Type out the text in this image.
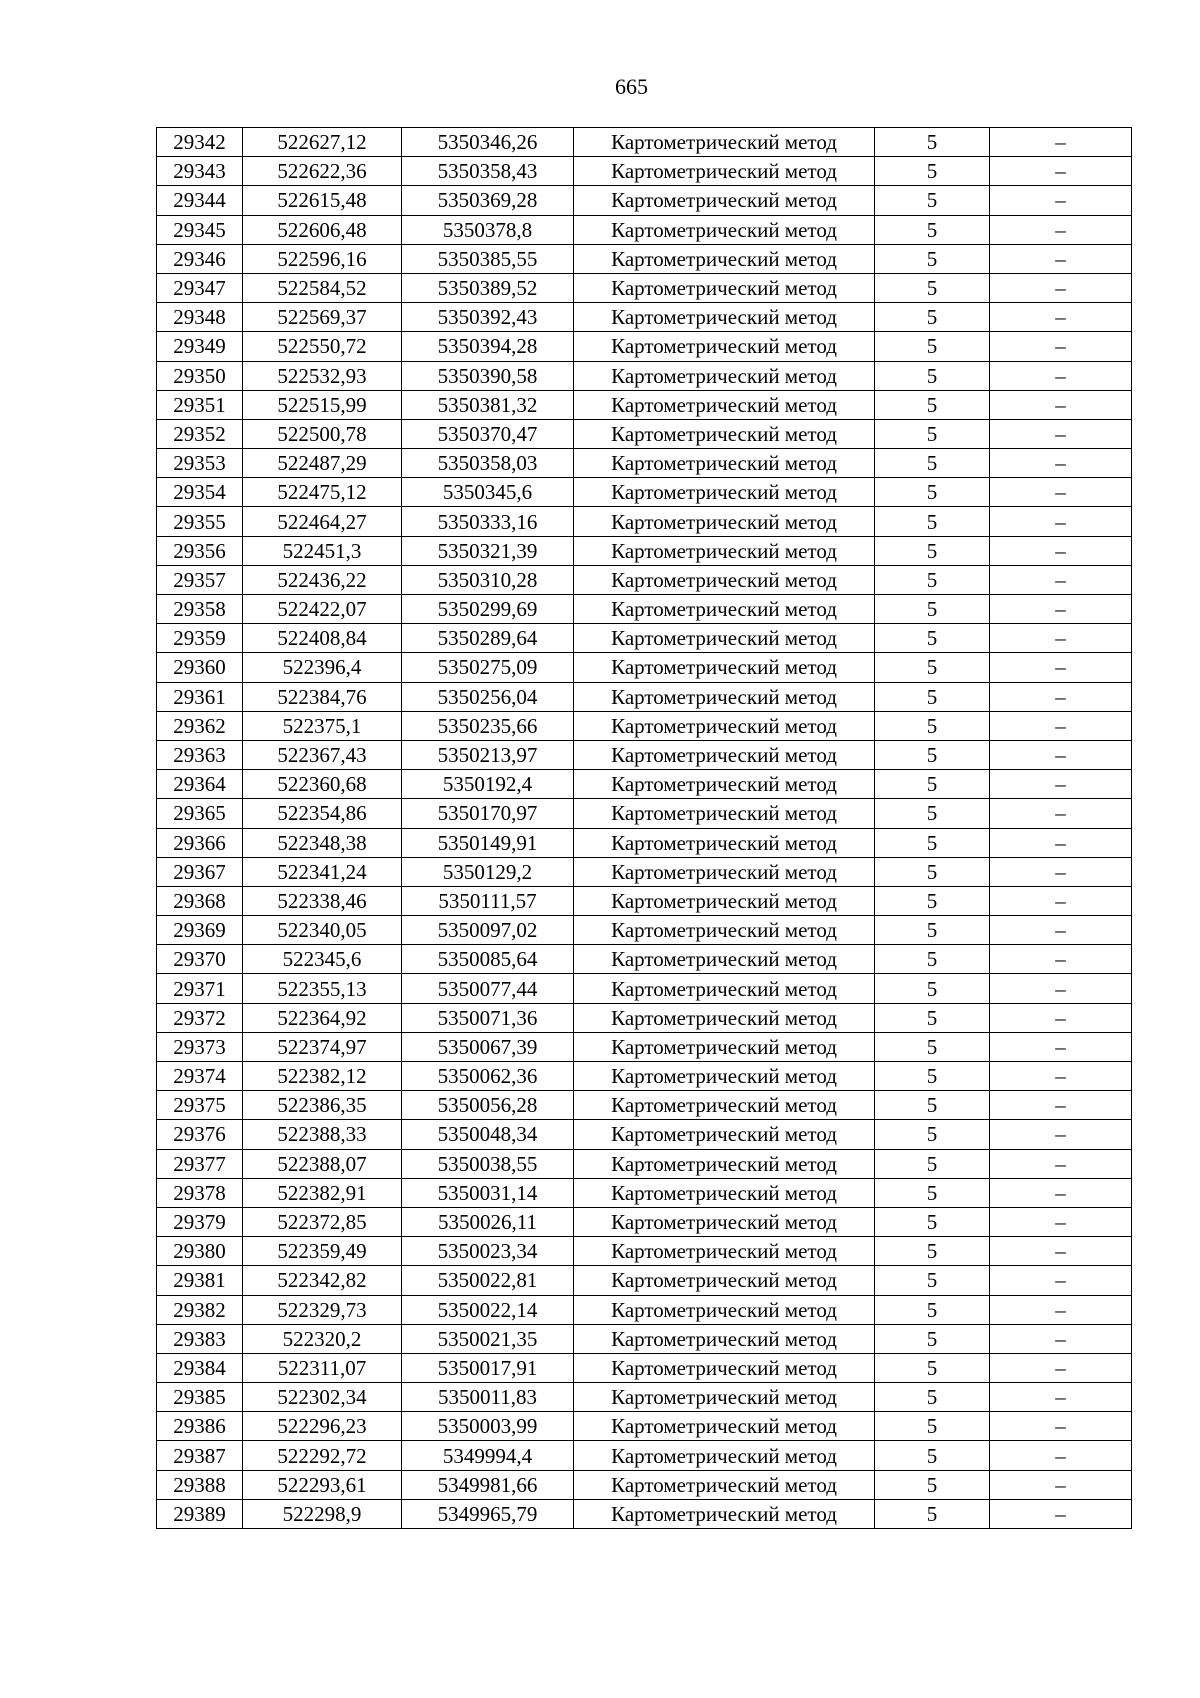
665
29342	522627,12	5350346,26	Картометрический метод	5	–
29343	522622,36	5350358,43	Картометрический метод	5	–
29344	522615,48	5350369,28	Картометрический метод	5	–
29345	522606,48	5350378,8	Картометрический метод	5	–
29346	522596,16	5350385,55	Картометрический метод	5	–
29347	522584,52	5350389,52	Картометрический метод	5	–
29348	522569,37	5350392,43	Картометрический метод	5	–
29349	522550,72	5350394,28	Картометрический метод	5	–
29350	522532,93	5350390,58	Картометрический метод	5	–
29351	522515,99	5350381,32	Картометрический метод	5	–
29352	522500,78	5350370,47	Картометрический метод	5	–
29353	522487,29	5350358,03	Картометрический метод	5	–
29354	522475,12	5350345,6	Картометрический метод	5	–
29355	522464,27	5350333,16	Картометрический метод	5	–
29356	522451,3	5350321,39	Картометрический метод	5	–
29357	522436,22	5350310,28	Картометрический метод	5	–
29358	522422,07	5350299,69	Картометрический метод	5	–
29359	522408,84	5350289,64	Картометрический метод	5	–
29360	522396,4	5350275,09	Картометрический метод	5	–
29361	522384,76	5350256,04	Картометрический метод	5	–
29362	522375,1	5350235,66	Картометрический метод	5	–
29363	522367,43	5350213,97	Картометрический метод	5	–
29364	522360,68	5350192,4	Картометрический метод	5	–
29365	522354,86	5350170,97	Картометрический метод	5	–
29366	522348,38	5350149,91	Картометрический метод	5	–
29367	522341,24	5350129,2	Картометрический метод	5	–
29368	522338,46	5350111,57	Картометрический метод	5	–
29369	522340,05	5350097,02	Картометрический метод	5	–
29370	522345,6	5350085,64	Картометрический метод	5	–
29371	522355,13	5350077,44	Картометрический метод	5	–
29372	522364,92	5350071,36	Картометрический метод	5	–
29373	522374,97	5350067,39	Картометрический метод	5	–
29374	522382,12	5350062,36	Картометрический метод	5	–
29375	522386,35	5350056,28	Картометрический метод	5	–
29376	522388,33	5350048,34	Картометрический метод	5	–
29377	522388,07	5350038,55	Картометрический метод	5	–
29378	522382,91	5350031,14	Картометрический метод	5	–
29379	522372,85	5350026,11	Картометрический метод	5	–
29380	522359,49	5350023,34	Картометрический метод	5	–
29381	522342,82	5350022,81	Картометрический метод	5	–
29382	522329,73	5350022,14	Картометрический метод	5	–
29383	522320,2	5350021,35	Картометрический метод	5	–
29384	522311,07	5350017,91	Картометрический метод	5	–
29385	522302,34	5350011,83	Картометрический метод	5	–
29386	522296,23	5350003,99	Картометрический метод	5	–
29387	522292,72	5349994,4	Картометрический метод	5	–
29388	522293,61	5349981,66	Картометрический метод	5	–
29389	522298,9	5349965,79	Картометрический метод	5	–
